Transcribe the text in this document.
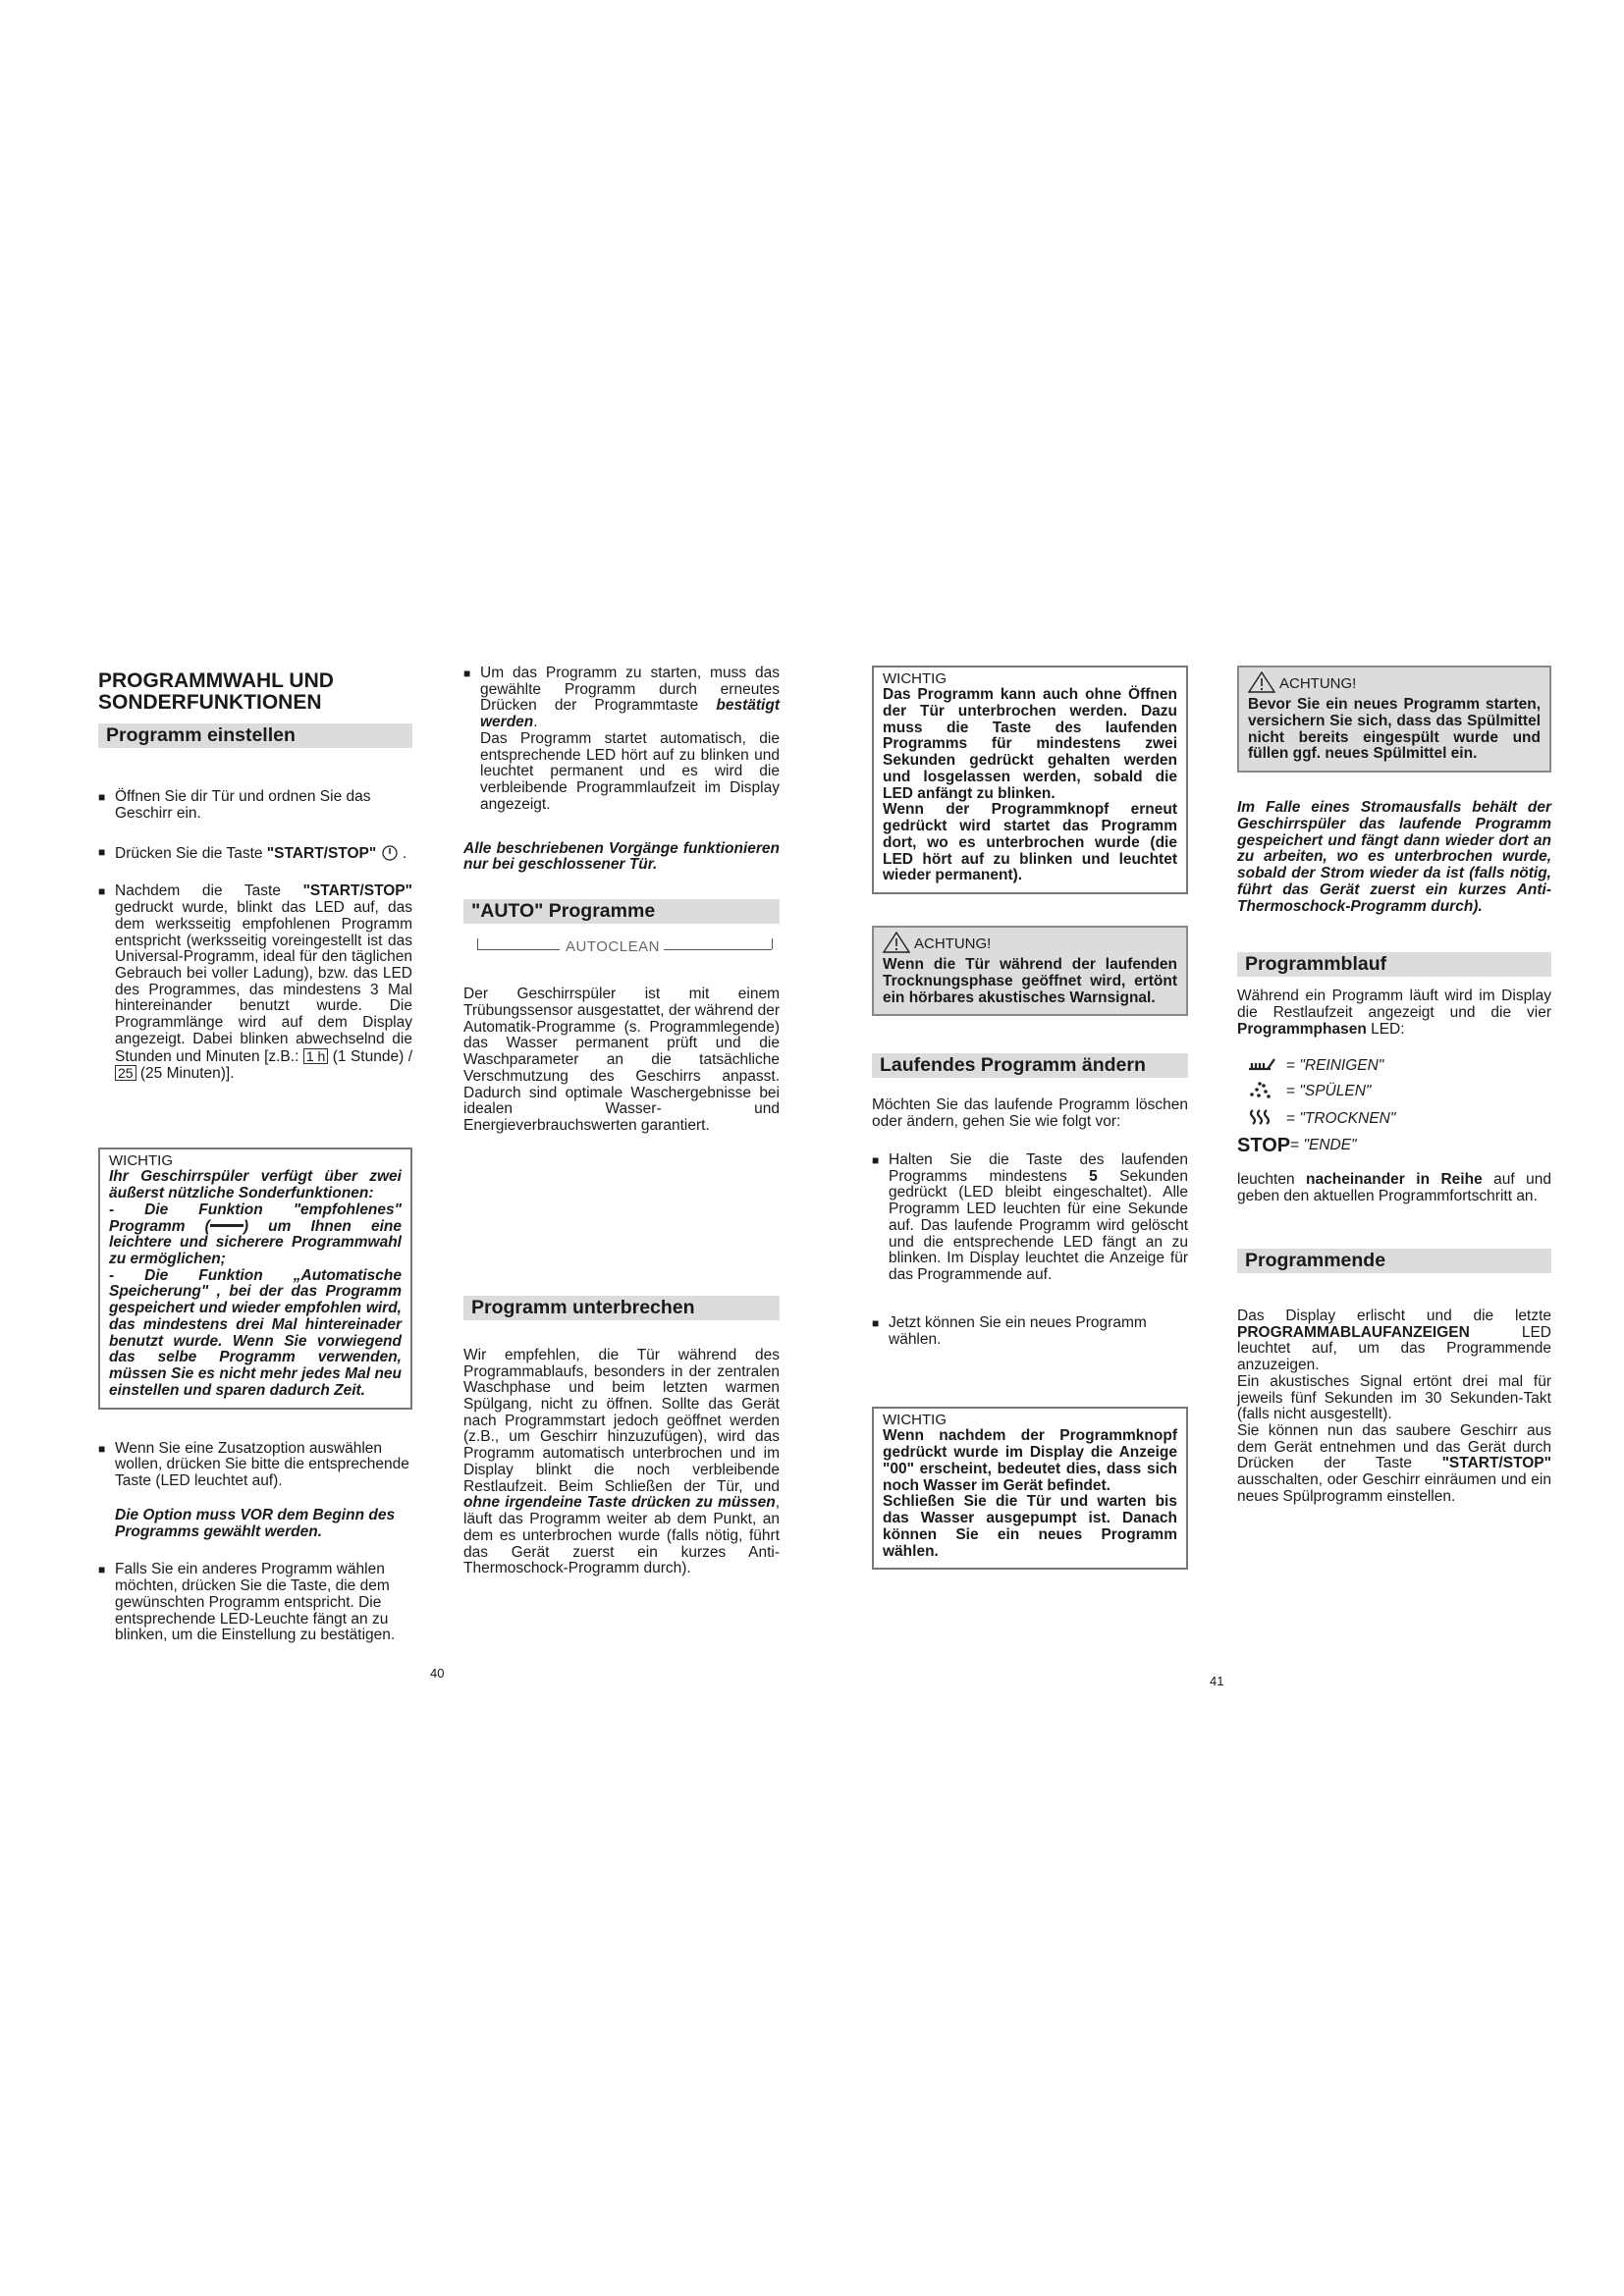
PROGRAMMWAHL UND
SONDERFUNKTIONEN

Programm einstellen

■ Öffnen Sie dir Tür und ordnen Sie das Geschirr ein.

■ Drücken Sie die Taste "START/STOP" .

■ Nachdem die Taste "START/STOP" gedruckt wurde, blinkt das LED auf, das dem werksseitig empfohlenen Programm entspricht (werksseitig voreingestellt ist das Universal-Programm, ideal für den täglichen Gebrauch bei voller Ladung), bzw. das LED des Programmes, das mindestens 3 Mal hintereinander benutzt wurde. Die Programmlänge wird auf dem Display angezeigt. Dabei blinken abwechselnd die Stunden und Minuten [z.B.: 1 h (1 Stunde) /25 (25 Minuten)].

WICHTIG

Ihr Geschirrspüler verfügt über zwei äußerst nützliche Sonderfunktionen:

- Die Funktion "empfohlenes" Programm ( ) um Ihnen eine leichtere und sicherere Programmwahl zu ermöglichen;

- Die Funktion „Automatische Speicherung" , bei der das Programm gespeichert und wieder empfohlen wird, das mindestens drei Mal hintereinader benutzt wurde. Wenn Sie vorwiegend das selbe Programm verwenden, müssen Sie es nicht mehr jedes Mal neu einstellen und sparen dadurch Zeit.

■ Wenn Sie eine Zusatzoption auswählen wollen, drücken Sie bitte die entsprechende Taste (LED leuchtet auf).

Die Option muss VOR dem Beginn des Programms gewählt werden.

■ Falls Sie ein anderes Programm wählen möchten, drücken Sie die Taste, die dem gewünschten Programm entspricht. Die entsprechende LED-Leuchte fängt an zu blinken, um die Einstellung zu bestätigen.

■ Um das Programm zu starten, muss das gewählte Programm durch erneutes Drücken der Programmtaste bestätigt werden.

Das Programm startet automatisch, die entsprechende LED hört auf zu blinken und leuchtet permanent und es wird die verbleibende Programmlaufzeit im Display angezeigt.

Alle beschriebenen Vorgänge funktionieren nur bei geschlossener Tür.

"AUTO" Programme

AUTOCLEAN

Der Geschirrspüler ist mit einem Trübungssensor ausgestattet, der während der Automatik-Programme (s. Programmlegende) das Wasser permanent prüft und die Waschparameter an die tatsächliche Verschmutzung des Geschirrs anpasst. Dadurch sind optimale Waschergebnisse bei idealen Wasser- und Energieverbrauchswerten garantiert.

Programm unterbrechen

Wir empfehlen, die Tür während des Programmablaufs, besonders in der zentralen Waschphase und beim letzten warmen Spülgang, nicht zu öffnen. Sollte das Gerät nach Programmstart jedoch geöffnet werden (z.B., um Geschirr hinzuzufügen), wird das Programm automatisch unterbrochen und im Display blinkt die noch verbleibende Restlaufzeit. Beim Schließen der Tür, und ohne irgendeine Taste drücken zu müssen, läuft das Programm weiter ab dem Punkt, an dem es unterbrochen wurde (falls nötig, führt das Gerät zuerst ein kurzes Anti-Thermoschock-Programm durch).

40

WICHTIG

Das Programm kann auch ohne Öffnen der Tür unterbrochen werden. Dazu muss die Taste des laufenden Programms für mindestens zwei Sekunden gedrückt gehalten werden und losgelassen werden, sobald die LED anfängt zu blinken.

Wenn der Programmknopf erneut gedrückt wird startet das Programm dort, wo es unterbrochen wurde (die LED hört auf zu blinken und leuchtet wieder permanent).

ACHTUNG!

Wenn die Tür während der laufenden Trocknungsphase geöffnet wird, ertönt ein hörbares akustisches Warnsignal.

Laufendes Programm ändern

Möchten Sie das laufende Programm löschen oder ändern, gehen Sie wie folgt vor:

■ Halten Sie die Taste des laufenden Programms mindestens 5 Sekunden gedrückt (LED bleibt eingeschaltet). Alle Programm LED leuchten für eine Sekunde auf. Das laufende Programm wird gelöscht und die entsprechende LED fängt an zu blinken. Im Display leuchtet die Anzeige für das Programmende auf.

■ Jetzt können Sie ein neues Programm wählen.

WICHTIG

Wenn nachdem der Programmknopf gedrückt wurde im Display die Anzeige "00" erscheint, bedeutet dies, dass sich noch Wasser im Gerät befindet.

Schließen Sie die Tür und warten bis das Wasser ausgepumpt ist. Danach können Sie ein neues Programm wählen.

ACHTUNG!

Bevor Sie ein neues Programm starten, versichern Sie sich, dass das Spülmittel nicht bereits eingespült wurde und füllen ggf. neues Spülmittel ein.

Im Falle eines Stromausfalls behält der Geschirrspüler das laufende Programm gespeichert und fängt dann wieder dort an zu arbeiten, wo es unterbrochen wurde, sobald der Strom wieder da ist (falls nötig, führt das Gerät zuerst ein kurzes Anti-Thermoschock-Programm durch).

Programmblauf

Während ein Programm läuft wird im Display die Restlaufzeit angezeigt und die vier Programmphasen LED:

=
"REINIGEN"
=
"SPÜLEN"
=
"TROCKNEN"
STOP =
"ENDE"

leuchten nacheinander in Reihe auf und geben den aktuellen Programmfortschritt an.

Programmende

Das Display erlischt und die letzte PROGRAMMABLAUFANZEIGEN LED leuchtet auf, um das Programmende anzuzeigen.

Ein akustisches Signal ertönt drei mal für jeweils fünf Sekunden im 30 Sekunden-Takt (falls nicht ausgestellt).

Sie können nun das saubere Geschirr aus dem Gerät entnehmen und das Gerät durch Drücken der Taste "START/STOP" ausschalten, oder Geschirr einräumen und ein neues Spülprogramm einstellen.

41
